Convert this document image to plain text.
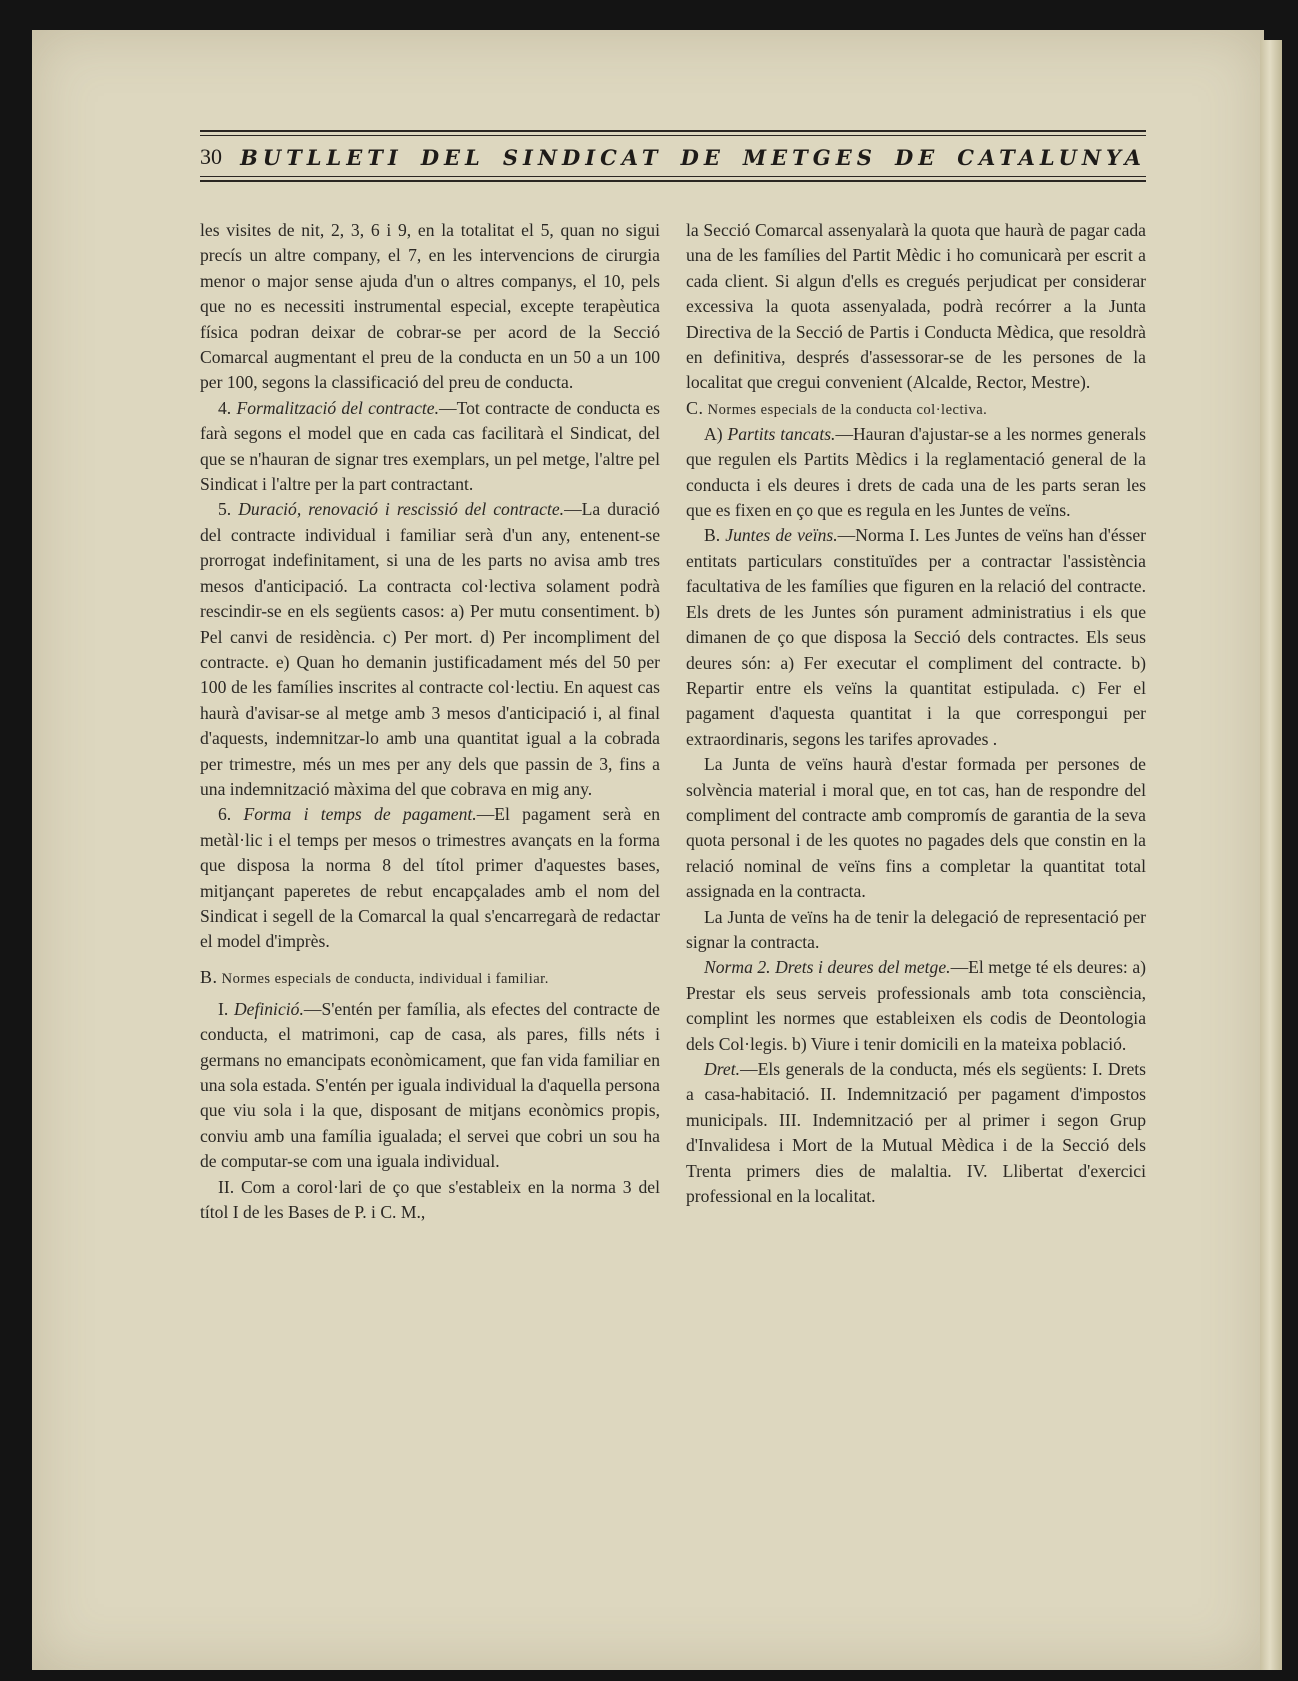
30 BUTLLETI DEL SINDICAT DE METGES DE CATALUNYA

les visites de nit, 2, 3, 6 i 9, en la totalitat el 5, quan no sigui precís un altre company, el 7, en les intervencions de cirurgia menor o major sense ajuda d'un o altres companys, el 10, pels que no es necessiti instrumental especial, excepte terapèutica física podran deixar de cobrar-se per acord de la Secció Comarcal augmentant el preu de la conducta en un 50 a un 100 per 100, segons la classificació del preu de conducta.

4. Formalització del contracte.—Tot contracte de conducta es farà segons el model que en cada cas facilitarà el Sindicat, del que se n'hauran de signar tres exemplars, un pel metge, l'altre pel Sindicat i l'altre per la part contractant.

5. Duració, renovació i rescissió del contracte.—La duració del contracte individual i familiar serà d'un any, entenent-se prorrogat indefinitament, si una de les parts no avisa amb tres mesos d'anticipació. La contracta col·lectiva solament podrà rescindir-se en els següents casos: a) Per mutu consentiment. b) Pel canvi de residència. c) Per mort. d) Per incompliment del contracte. e) Quan ho demanin justificadament més del 50 per 100 de les famílies inscrites al contracte col·lectiu. En aquest cas haurà d'avisar-se al metge amb 3 mesos d'anticipació i, al final d'aquests, indemnitzar-lo amb una quantitat igual a la cobrada per trimestre, més un mes per any dels que passin de 3, fins a una indemnització màxima del que cobrava en mig any.

6. Forma i temps de pagament.—El pagament serà en metàl·lic i el temps per mesos o trimestres avançats en la forma que disposa la norma 8 del títol primer d'aquestes bases, mitjançant paperetes de rebut encapçalades amb el nom del Sindicat i segell de la Comarcal la qual s'encarregarà de redactar el model d'imprès.

B. Normes especials de conducta, individual i familiar.

I. Definició.—S'entén per família, als efectes del contracte de conducta, el matrimoni, cap de casa, als pares, fills néts i germans no emancipats econòmicament, que fan vida familiar en una sola estada. S'entén per iguala individual la d'aquella persona que viu sola i la que, disposant de mitjans econòmics propis, conviu amb una família igualada; el servei que cobri un sou ha de computar-se com una iguala individual.

II. Com a corol·lari de ço que s'estableix en la norma 3 del títol I de les Bases de P. i C. M.,

la Secció Comarcal assenyalarà la quota que haurà de pagar cada una de les famílies del Partit Mèdic i ho comunicarà per escrit a cada client. Si algun d'ells es cregués perjudicat per considerar excessiva la quota assenyalada, podrà recórrer a la Junta Directiva de la Secció de Partis i Conducta Mèdica, que resoldrà en definitiva, després d'assessorar-se de les persones de la localitat que cregui convenient (Alcalde, Rector, Mestre).

C. Normes especials de la conducta col·lectiva.

A) Partits tancats.—Hauran d'ajustar-se a les normes generals que regulen els Partits Mèdics i la reglamentació general de la conducta i els deures i drets de cada una de les parts seran les que es fixen en ço que es regula en les Juntes de veïns.

B. Juntes de veïns.—Norma I. Les Juntes de veïns han d'ésser entitats particulars constituïdes per a contractar l'assistència facultativa de les famílies que figuren en la relació del contracte. Els drets de les Juntes són purament administratius i els que dimanen de ço que disposa la Secció dels contractes. Els seus deures són: a) Fer executar el compliment del contracte. b) Repartir entre els veïns la quantitat estipulada. c) Fer el pagament d'aquesta quantitat i la que correspongui per extraordinaris, segons les tarifes aprovades .

La Junta de veïns haurà d'estar formada per persones de solvència material i moral que, en tot cas, han de respondre del compliment del contracte amb compromís de garantia de la seva quota personal i de les quotes no pagades dels que constin en la relació nominal de veïns fins a completar la quantitat total assignada en la contracta.

La Junta de veïns ha de tenir la delegació de representació per signar la contracta.

Norma 2. Drets i deures del metge.—El metge té els deures: a) Prestar els seus serveis professionals amb tota consciència, complint les normes que estableixen els codis de Deontologia dels Col·legis. b) Viure i tenir domicili en la mateixa població.

Dret.—Els generals de la conducta, més els següents: I. Drets a casa-habitació. II. Indemnització per pagament d'impostos municipals. III. Indemnització per al primer i segon Grup d'Invalidesa i Mort de la Mutual Mèdica i de la Secció dels Trenta primers dies de malaltia. IV. Llibertat d'exercici professional en la localitat.
